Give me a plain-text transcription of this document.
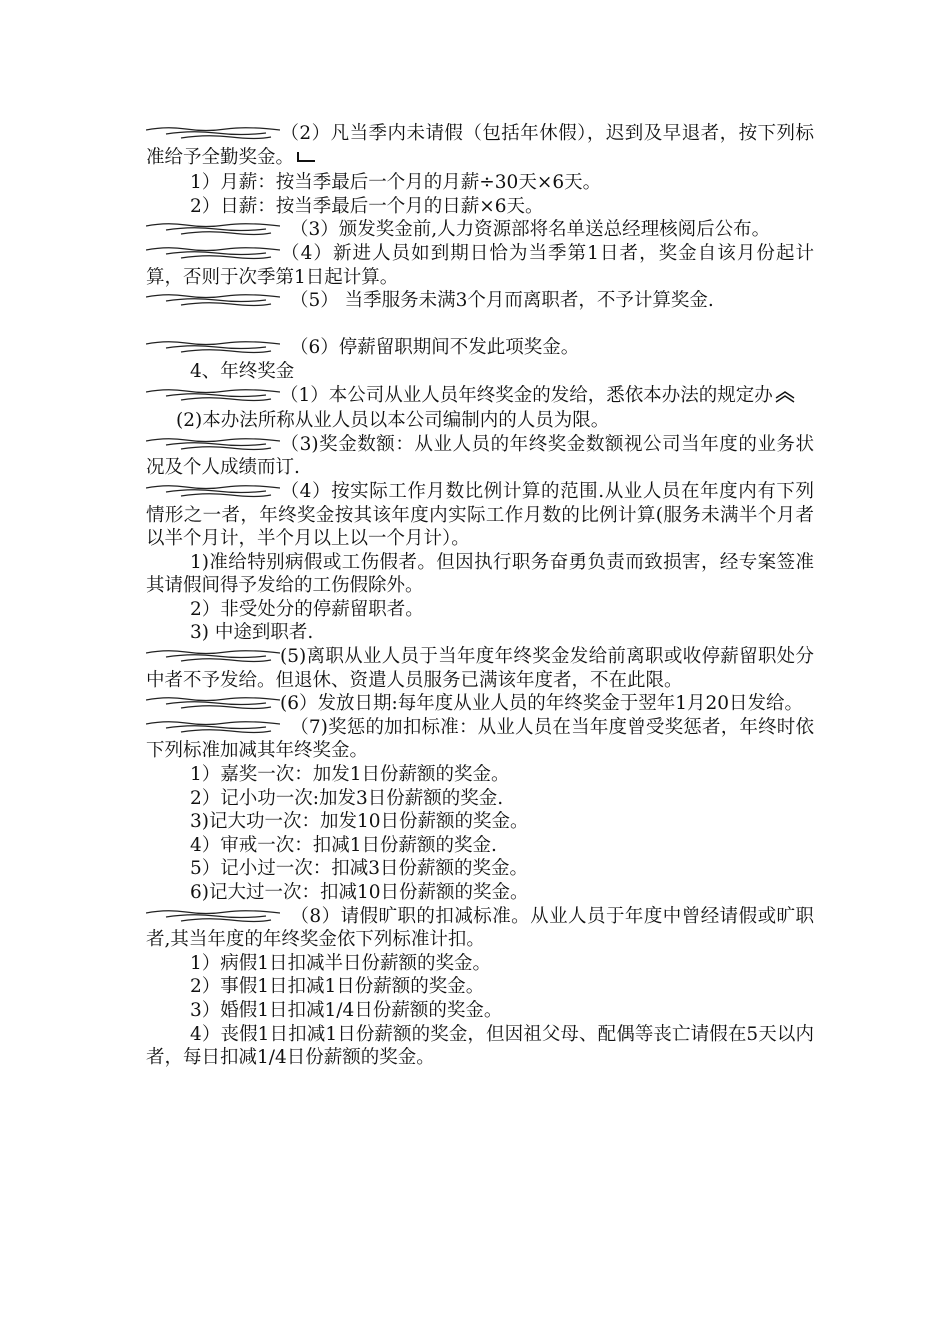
（2）凡当季内未请假（包括年休假），迟到及早退者，按下列标准给予全勤奖金。

1）月薪：按当季最后一个月的月薪÷30天×6天。

2）日薪：按当季最后一个月的日薪×6天。

（3）颁发奖金前,人力资源部将名单送总经理核阅后公布。

（4）新进人员如到期日恰为当季第1日者，奖金自该月份起计算，否则于次季第1日起计算。

（5） 当季服务未满3个月而离职者，不予计算奖金.

（6）停薪留职期间不发此项奖金。

4、年终奖金

（1）本公司从业人员年终奖金的发给，悉依本办法的规定办

(2)本办法所称从业人员以本公司编制内的人员为限。

（3)奖金数额：从业人员的年终奖金数额视公司当年度的业务状况及个人成绩而订.

（4）按实际工作月数比例计算的范围.从业人员在年度内有下列情形之一者，年终奖金按其该年度内实际工作月数的比例计算(服务未满半个月者以半个月计，半个月以上以一个月计）。

1)准给特别病假或工伤假者。但因执行职务奋勇负责而致损害，经专案签准其请假间得予发给的工伤假除外。

2）非受处分的停薪留职者。

3) 中途到职者.

(5)离职从业人员于当年度年终奖金发给前离职或收停薪留职处分中者不予发给。但退休、资遣人员服务已满该年度者，不在此限。

(6）发放日期:每年度从业人员的年终奖金于翌年1月20日发给。

（7)奖惩的加扣标准：从业人员在当年度曾受奖惩者，年终时依下列标准加减其年终奖金。

1）嘉奖一次：加发1日份薪额的奖金。

2）记小功一次:加发3日份薪额的奖金.

3)记大功一次：加发10日份薪额的奖金。

4）审戒一次：扣减1日份薪额的奖金.

5）记小过一次：扣减3日份薪额的奖金。

6)记大过一次：扣减10日份薪额的奖金。

（8）请假旷职的扣减标准。从业人员于年度中曾经请假或旷职者,其当年度的年终奖金依下列标准计扣。

1）病假1日扣减半日份薪额的奖金。

2）事假1日扣减1日份薪额的奖金。

3）婚假1日扣减1/4日份薪额的奖金。

4）丧假1日扣减1日份薪额的奖金，但因祖父母、配偶等丧亡请假在5天以内者，每日扣减1/4日份薪额的奖金。
